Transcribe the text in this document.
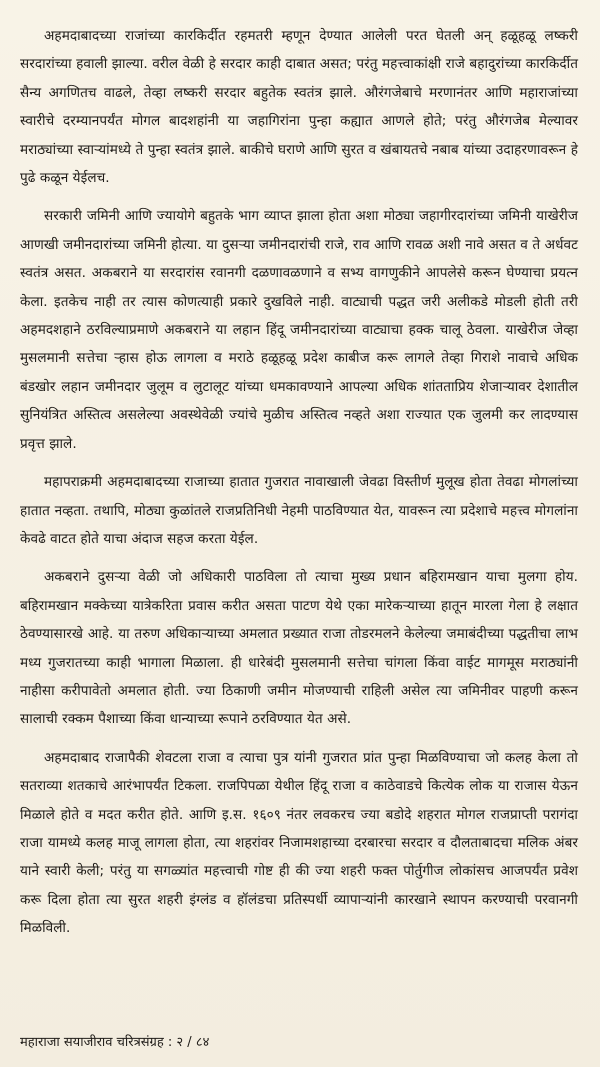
अहमदाबादच्या राजांच्या कारकिर्दीत रहमतरी म्हणून देण्यात आलेली परत घेतली अन् हळूहळू लष्करी सरदारांच्या हवाली झाल्या. वरील वेळी हे सरदार काही दाबात असत; परंतु महत्त्वाकांक्षी राजे बहादुरांच्या कारकिर्दीत सैन्य अगणितच वाढले, तेव्हा लष्करी सरदार बहुतेक स्वतंत्र झाले. औरंगजेबाचे मरणानंतर आणि महाराजांच्या स्वारीचे दरम्यानपर्यंत मोगल बादशहांनी या जहागिरांना पुन्हा कह्यात आणले होते; परंतु औरंगजेब मेल्यावर मराठ्यांच्या स्वाऱ्यांमध्ये ते पुन्हा स्वतंत्र झाले. बाकीचे घराणे आणि सुरत व खंबायतचे नबाब यांच्या उदाहरणावरून हे पुढे कळून येईलच.

सरकारी जमिनी आणि ज्यायोगे बहुतके भाग व्याप्त झाला होता अशा मोठ्या जहागीरदारांच्या जमिनी याखेरीज आणखी जमीनदारांच्या जमिनी होत्या. या दुसऱ्या जमीनदारांची राजे, राव आणि रावळ अशी नावे असत व ते अर्धवट स्वतंत्र असत. अकबराने या सरदारांस रवानगी दळणावळणाने व सभ्य वागणुकीने आपलेसे करून घेण्याचा प्रयत्न केला. इतकेच नाही तर त्यास कोणत्याही प्रकारे दुखविले नाही. वाट्याची पद्धत जरी अलीकडे मोडली होती तरी अहमदशहाने ठरविल्याप्रमाणे अकबराने या लहान हिंदू जमीनदारांच्या वाट्याचा हक्क चालू ठेवला. याखेरीज जेव्हा मुसलमानी सत्तेचा ऱ्हास होऊ लागला व मराठे हळूहळू प्रदेश काबीज करू लागले तेव्हा गिराशे नावाचे अधिक बंडखोर लहान जमीनदार जुलूम व लुटालूट यांच्या धमकावण्याने आपल्या अधिक शांतताप्रिय शेजाऱ्यावर देशातील सुनियंत्रित अस्तित्व असलेल्या अवस्थेवेळी ज्यांचे मुळीच अस्तित्व नव्हते अशा राज्यात एक जुलमी कर लादण्यास प्रवृत्त झाले.

महापराक्रमी अहमदाबादच्या राजाच्या हातात गुजरात नावाखाली जेवढा विस्तीर्ण मुलूख होता तेवढा मोगलांच्या हातात नव्हता. तथापि, मोठ्या कुळांतले राजप्रतिनिधी नेहमी पाठविण्यात येत, यावरून त्या प्रदेशाचे महत्त्व मोगलांना केवढे वाटत होते याचा अंदाज सहज करता येईल.

अकबराने दुसऱ्या वेळी जो अधिकारी पाठविला तो त्याचा मुख्य प्रधान बहिरामखान याचा मुलगा होय. बहिरामखान मक्केच्या यात्रेकरिता प्रवास करीत असता पाटण येथे एका मारेकऱ्याच्या हातून मारला गेला हे लक्षात ठेवण्यासारखे आहे. या तरुण अधिकाऱ्याच्या अमलात प्रख्यात राजा तोडरमलने केलेल्या जमाबंदीच्या पद्धतीचा लाभ मध्य गुजरातच्या काही भागाला मिळाला. ही धारेबंदी मुसलमानी सत्तेचा चांगला किंवा वाईट मागमूस मराठ्यांनी नाहीसा करीपावेतो अमलात होती. ज्या ठिकाणी जमीन मोजण्याची राहिली असेल त्या जमिनीवर पाहणी करून सालाची रक्कम पैशाच्या किंवा धान्याच्या रूपाने ठरविण्यात येत असे.

अहमदाबाद राजापैकी शेवटला राजा व त्याचा पुत्र यांनी गुजरात प्रांत पुन्हा मिळविण्याचा जो कलह केला तो सतराव्या शतकाचे आरंभापर्यंत टिकला. राजपिपळा येथील हिंदू राजा व काठेवाडचे कित्येक लोक या राजास येऊन मिळाले होते व मदत करीत होते. आणि इ.स. १६०९ नंतर लवकरच ज्या बडोदे शहरात मोगल राजप्राप्ती परागंदा राजा यामध्ये कलह माजू लागला होता, त्या शहरांवर निजामशहाच्या दरबारचा सरदार व दौलताबादचा मलिक अंबर याने स्वारी केली; परंतु या सगळ्यांत महत्त्वाची गोष्ट ही की ज्या शहरी फक्त पोर्तुगीज लोकांसच आजपर्यंत प्रवेश करू दिला होता त्या सुरत शहरी इंग्लंड व हॉलंडचा प्रतिस्पर्धी व्यापाऱ्यांनी कारखाने स्थापन करण्याची परवानगी मिळविली.

महाराजा सयाजीराव चरित्रसंग्रह : २ / ८४
